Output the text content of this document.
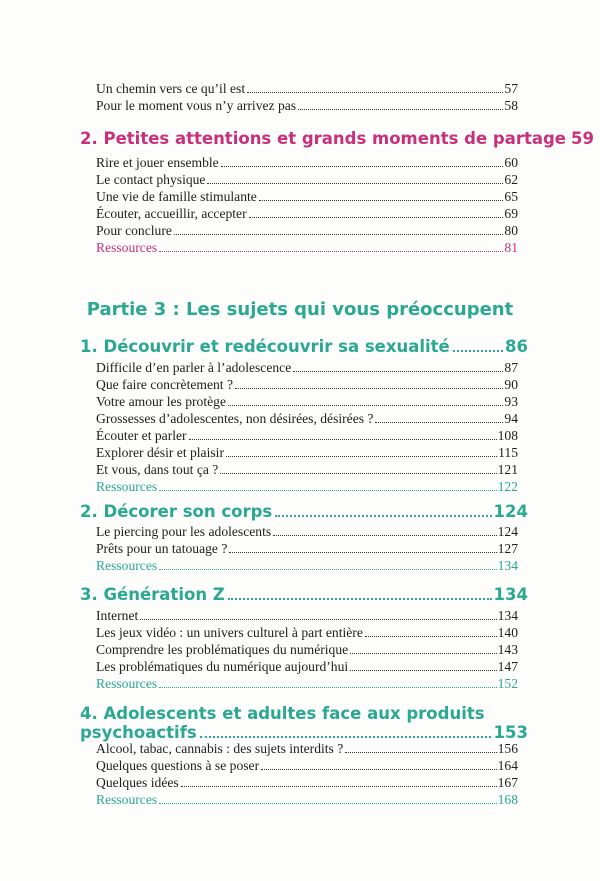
Un chemin vers ce qu’il est	57
Pour le moment vous n’y arrivez pas	58
2. Petites attentions et grands moments de partage 59
Rire et jouer ensemble	60
Le contact physique	62
Une vie de famille stimulante	65
Écouter, accueillir, accepter	69
Pour conclure	80
Ressources	81
Partie 3 : Les sujets qui vous préoccupent
1. Découvrir et redécouvrir sa sexualité	86
Difficile d’en parler à l’adolescence	87
Que faire concrètement ?	90
Votre amour les protège	93
Grossesses d’adolescentes, non désirées, désirées ?	94
Écouter et parler	108
Explorer désir et plaisir	115
Et vous, dans tout ça ?	121
Ressources	122
2. Décorer son corps	124
Le piercing pour les adolescents	124
Prêts pour un tatouage ?	127
Ressources	134
3. Génération Z	134
Internet	134
Les jeux vidéo : un univers culturel à part entière	140
Comprendre les problématiques du numérique	143
Les problématiques du numérique aujourd’hui	147
Ressources	152
4. Adolescents et adultes face aux produits
psychoactifs	153
Alcool, tabac, cannabis : des sujets interdits ?	156
Quelques questions à se poser	164
Quelques idées	167
Ressources	168
